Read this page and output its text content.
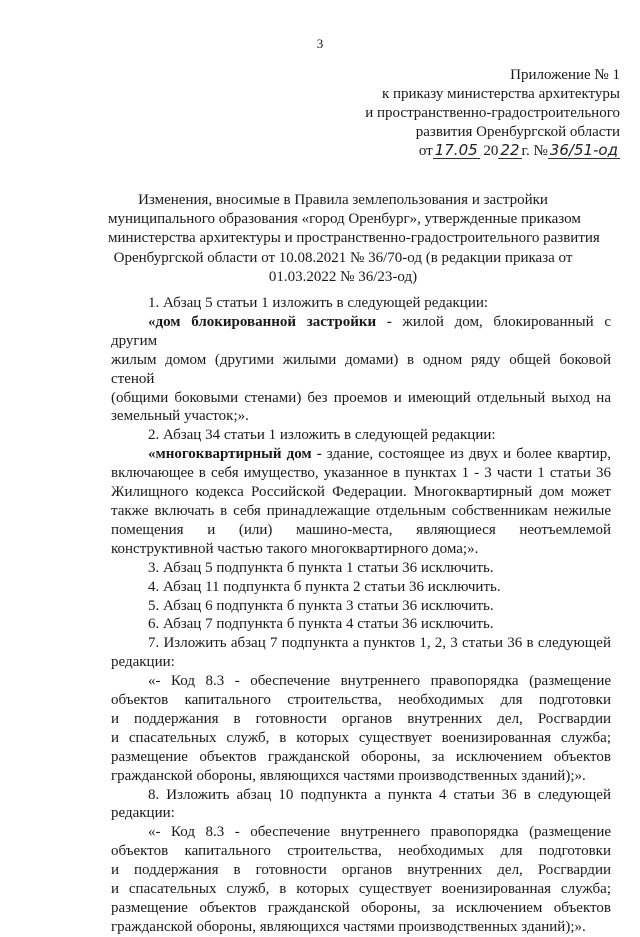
3
Приложение № 1
к приказу министерства архитектуры
и пространственно-градостроительного
развития Оренбургской области
от 17.05 20 22 г. № 36/51-од
Изменения, вносимые в Правила землепользования и застройки
муниципального образования «город Оренбург», утвержденные приказом
министерства архитектуры и пространственно-градостроительного развития
Оренбургской области от 10.08.2021 № 36/70-од (в редакции приказа от
01.03.2022 № 36/23-од)
1. Абзац 5 статьи 1 изложить в следующей редакции:
«дом блокированной застройки - жилой дом, блокированный с другим
жилым домом (другими жилыми домами) в одном ряду общей боковой стеной
(общими боковыми стенами) без проемов и имеющий отдельный выход на
земельный участок;».
2. Абзац 34 статьи 1 изложить в следующей редакции:
«многоквартирный дом - здание, состоящее из двух и более квартир,
включающее в себя имущество, указанное в пунктах 1 - 3 части 1 статьи 36
Жилищного кодекса Российской Федерации. Многоквартирный дом может
также включать в себя принадлежащие отдельным собственникам нежилые
помещения и (или) машино-места, являющиеся неотъемлемой
конструктивной частью такого многоквартирного дома;».
3. Абзац 5 подпункта б пункта 1 статьи 36 исключить.
4. Абзац 11 подпункта б пункта 2 статьи 36 исключить.
5. Абзац 6 подпункта б пункта 3 статьи 36 исключить.
6. Абзац 7 подпункта б пункта 4 статьи 36 исключить.
7. Изложить абзац 7 подпункта а пунктов 1, 2, 3 статьи 36 в следующей
редакции:
«- Код 8.3 - обеспечение внутреннего правопорядка (размещение
объектов капитального строительства, необходимых для подготовки
и поддержания в готовности органов внутренних дел, Росгвардии
и спасательных служб, в которых существует военизированная служба;
размещение объектов гражданской обороны, за исключением объектов
гражданской обороны, являющихся частями производственных зданий);».
8. Изложить абзац 10 подпункта а пункта 4 статьи 36 в следующей
редакции:
«- Код 8.3 - обеспечение внутреннего правопорядка (размещение
объектов капитального строительства, необходимых для подготовки
и поддержания в готовности органов внутренних дел, Росгвардии
и спасательных служб, в которых существует военизированная служба;
размещение объектов гражданской обороны, за исключением объектов
гражданской обороны, являющихся частями производственных зданий);».
